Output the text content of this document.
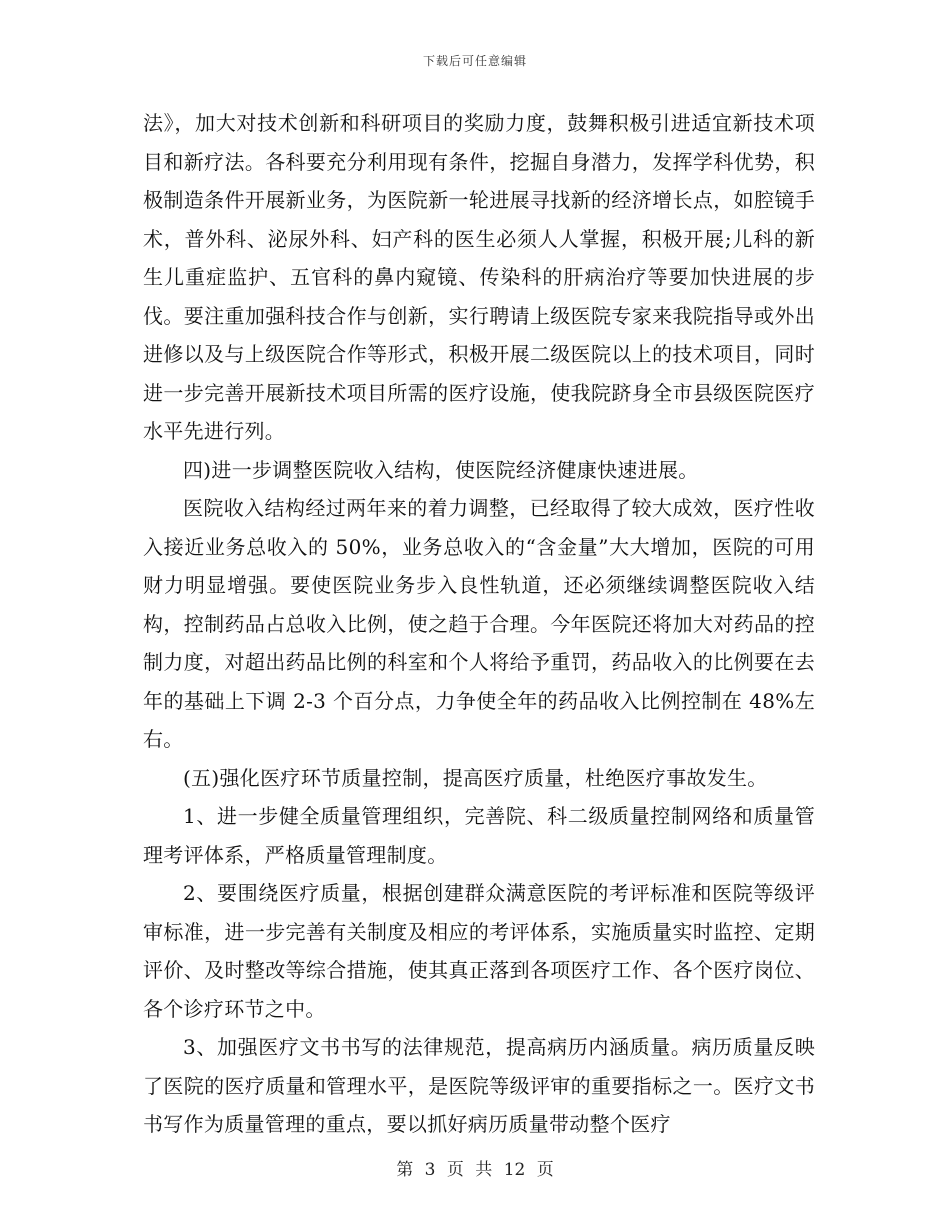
下载后可任意编辑

法》，加大对技术创新和科研项目的奖励力度，鼓舞积极引进适宜新技术项目和新疗法。各科要充分利用现有条件，挖掘自身潜力，发挥学科优势，积极制造条件开展新业务，为医院新一轮进展寻找新的经济增长点，如腔镜手术，普外科、泌尿外科、妇产科的医生必须人人掌握，积极开展;儿科的新生儿重症监护、五官科的鼻内窥镜、传染科的肝病治疗等要加快进展的步伐。要注重加强科技合作与创新，实行聘请上级医院专家来我院指导或外出进修以及与上级医院合作等形式，积极开展二级医院以上的技术项目，同时进一步完善开展新技术项目所需的医疗设施，使我院跻身全市县级医院医疗水平先进行列。

四)进一步调整医院收入结构，使医院经济健康快速进展。

医院收入结构经过两年来的着力调整，已经取得了较大成效，医疗性收入接近业务总收入的 50%，业务总收入的“含金量”大大增加，医院的可用财力明显增强。要使医院业务步入良性轨道，还必须继续调整医院收入结构，控制药品占总收入比例，使之趋于合理。今年医院还将加大对药品的控制力度，对超出药品比例的科室和个人将给予重罚，药品收入的比例要在去年的基础上下调 2-3 个百分点，力争使全年的药品收入比例控制在 48%左右。

(五)强化医疗环节质量控制，提高医疗质量，杜绝医疗事故发生。

1、进一步健全质量管理组织，完善院、科二级质量控制网络和质量管理考评体系，严格质量管理制度。

2、要围绕医疗质量，根据创建群众满意医院的考评标准和医院等级评审标准，进一步完善有关制度及相应的考评体系，实施质量实时监控、定期评价、及时整改等综合措施，使其真正落到各项医疗工作、各个医疗岗位、各个诊疗环节之中。

3、加强医疗文书书写的法律规范，提高病历内涵质量。病历质量反映了医院的医疗质量和管理水平，是医院等级评审的重要指标之一。医疗文书书写作为质量管理的重点，要以抓好病历质量带动整个医疗

第 3 页 共 12 页
